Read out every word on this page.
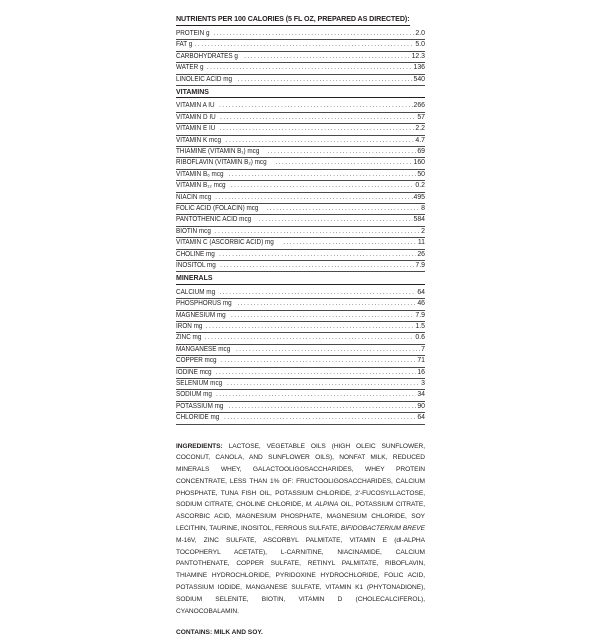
NUTRIENTS PER 100 CALORIES (5 FL OZ, PREPARED AS DIRECTED):
PROTEIN g .....	2.0
FAT g .....	5.0
CARBOHYDRATES g .....	12.3
WATER g .....	136
LINOLEIC ACID mg .....	540
VITAMINS
VITAMIN A IU .....	266
VITAMIN D IU .....	57
VITAMIN E IU .....	2.2
VITAMIN K mcg .....	4.7
THIAMINE (VITAMIN B₁) mcg .....	69
RIBOFLAVIN (VITAMIN B₂) mcg .....	160
VITAMIN B₆ mcg .....	50
VITAMIN B₁₂ mcg .....	0.2
NIACIN mcg .....	495
FOLIC ACID (FOLACIN) mcg .....	8
PANTOTHENIC ACID mcg .....	584
BIOTIN mcg .....	2
VITAMIN C (ASCORBIC ACID) mg .....	11
CHOLINE mg .....	26
INOSITOL mg .....	7.9
MINERALS
CALCIUM mg .....	64
PHOSPHORUS mg .....	46
MAGNESIUM mg .....	7.9
IRON mg .....	1.5
ZINC mg .....	0.6
MANGANESE mcg .....	7
COPPER mcg .....	71
IODINE mcg .....	16
SELENIUM mcg .....	3
SODIUM mg .....	34
POTASSIUM mg .....	90
CHLORIDE mg .....	64
INGREDIENTS: LACTOSE, VEGETABLE OILS (HIGH OLEIC SUNFLOWER, COCONUT, CANOLA, AND SUNFLOWER OILS), NONFAT MILK, REDUCED MINERALS WHEY, GALACTOOLIGOSACCHARIDES, WHEY PROTEIN CONCENTRATE, LESS THAN 1% OF: FRUCTOOLIGOSACCHARIDES, CALCIUM PHOSPHATE, TUNA FISH OIL, POTASSIUM CHLORIDE, 2'-FUCOSYLLACTOSE, SODIUM CITRATE, CHOLINE CHLORIDE, M. ALPINA OIL, POTASSIUM CITRATE, ASCORBIC ACID, MAGNESIUM PHOSPHATE, MAGNESIUM CHLORIDE, SOY LECITHIN, TAURINE, INOSITOL, FERROUS SULFATE, BIFIDOBACTERIUM BREVE M-16V, ZINC SULFATE, ASCORBYL PALMITATE, VITAMIN E (dl-ALPHA TOCOPHERYL ACETATE), L-CARNITINE, NIACINAMIDE, CALCIUM PANTOTHENATE, COPPER SULFATE, RETINYL PALMITATE, RIBOFLAVIN, THIAMINE HYDROCHLORIDE, PYRIDOXINE HYDROCHLORIDE, FOLIC ACID, POTASSIUM IODIDE, MANGANESE SULFATE, VITAMIN K1 (PHYTONADIONE), SODIUM SELENITE, BIOTIN, VITAMIN D (CHOLECALCIFEROL), CYANOCOBALAMIN.
CONTAINS: MILK AND SOY.
